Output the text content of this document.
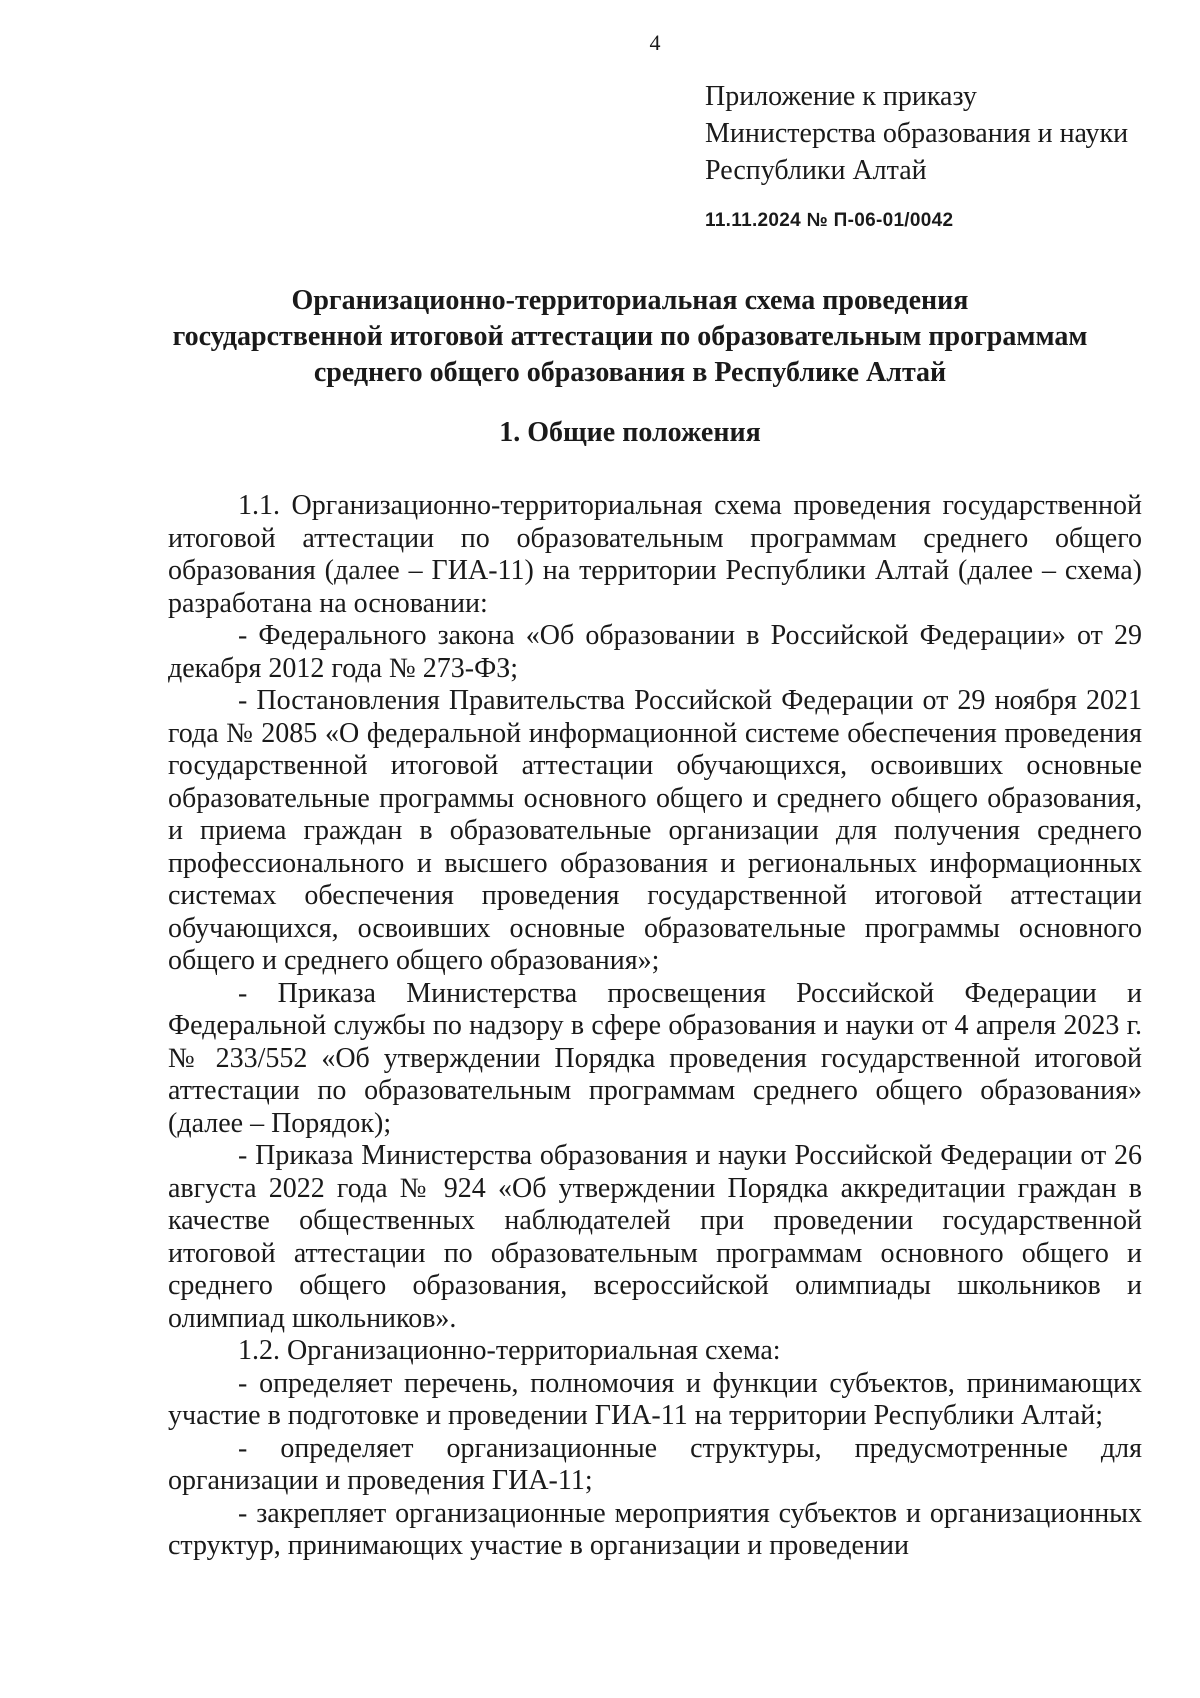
4
Приложение к приказу
Министерства образования и науки
Республики Алтай
11.11.2024 № П-06-01/0042
Организационно-территориальная схема проведения
государственной итоговой аттестации по образовательным программам
среднего общего образования в Республике Алтай
1. Общие положения

1.1. Организационно-территориальная схема проведения государственной итоговой аттестации по образовательным программам среднего общего образования (далее – ГИА-11) на территории Республики Алтай (далее – схема) разработана на основании:

- Федерального закона «Об образовании в Российской Федерации» от 29 декабря 2012 года № 273-ФЗ;

- Постановления Правительства Российской Федерации от 29 ноября 2021 года № 2085 «О федеральной информационной системе обеспечения проведения государственной итоговой аттестации обучающихся, освоивших основные образовательные программы основного общего и среднего общего образования, и приема граждан в образовательные организации для получения среднего профессионального и высшего образования и региональных информационных системах обеспечения проведения государственной итоговой аттестации обучающихся, освоивших основные образовательные программы основного общего и среднего общего образования»;

- Приказа Министерства просвещения Российской Федерации и Федеральной службы по надзору в сфере образования и науки от 4 апреля 2023 г. № 233/552 «Об утверждении Порядка проведения государственной итоговой аттестации по образовательным программам среднего общего образования» (далее – Порядок);

- Приказа Министерства образования и науки Российской Федерации от 26 августа 2022 года № 924 «Об утверждении Порядка аккредитации граждан в качестве общественных наблюдателей при проведении государственной итоговой аттестации по образовательным программам основного общего и среднего общего образования, всероссийской олимпиады школьников и олимпиад школьников».

1.2. Организационно-территориальная схема:

- определяет перечень, полномочия и функции субъектов, принимающих участие в подготовке и проведении ГИА-11 на территории Республики Алтай;

- определяет организационные структуры, предусмотренные для организации и проведения ГИА-11;

- закрепляет организационные мероприятия субъектов и организационных структур, принимающих участие в организации и проведении
